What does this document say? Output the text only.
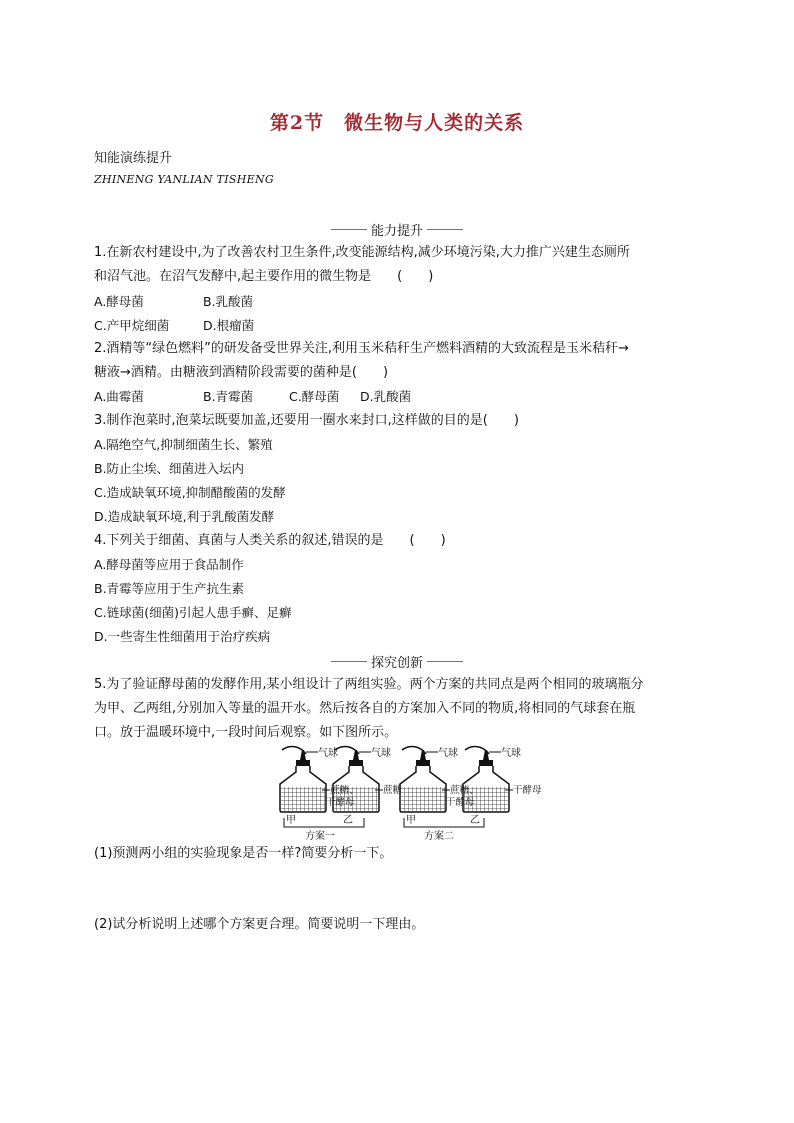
第2节　微生物与人类的关系
知能演练提升
ZHINENG YANLIAN TISHENG
能力提升
1.在新农村建设中,为了改善农村卫生条件,改变能源结构,减少环境污染,大力推广兴建生态厕所
和沼气池。在沼气发酵中,起主要作用的微生物是　　(　　)
A.酵母菌	B.乳酸菌
C.产甲烷细菌	D.根瘤菌
2.酒精等“绿色燃料”的研发备受世界关注,利用玉米秸秆生产燃料酒精的大致流程是玉米秸秆→
糖液→酒精。由糖液到酒精阶段需要的菌种是(　　)
A.曲霉菌	B.青霉菌	C.酵母菌 D.乳酸菌
3.制作泡菜时,泡菜坛既要加盖,还要用一圈水来封口,这样做的目的是(　　)
A.隔绝空气,抑制细菌生长、繁殖
B.防止尘埃、细菌进入坛内
C.造成缺氧环境,抑制醋酸菌的发酵
D.造成缺氧环境,利于乳酸菌发酵
4.下列关于细菌、真菌与人类关系的叙述,错误的是　　(　　)
A.酵母菌等应用于食品制作
B.青霉等应用于生产抗生素
C.链球菌(细菌)引起人患手癣、足癣
D.一些寄生性细菌用于治疗疾病
探究创新
5.为了验证酵母菌的发酵作用,某小组设计了两组实验。两个方案的共同点是两个相同的玻璃瓶分
为甲、乙两组,分别加入等量的温开水。然后按各自的方案加入不同的物质,将相同的气球套在瓶
口。放于温暖环境中,一段时间后观察。如下图所示。
气球	气球	气球	气球
蔗糖、
干酵母
蔗糖	蔗糖、
干酵母
干酵母
甲	乙	甲	乙
方案一	方案二
(1)预测两小组的实验现象是否一样?简要分析一下。
(2)试分析说明上述哪个方案更合理。简要说明一下理由。
